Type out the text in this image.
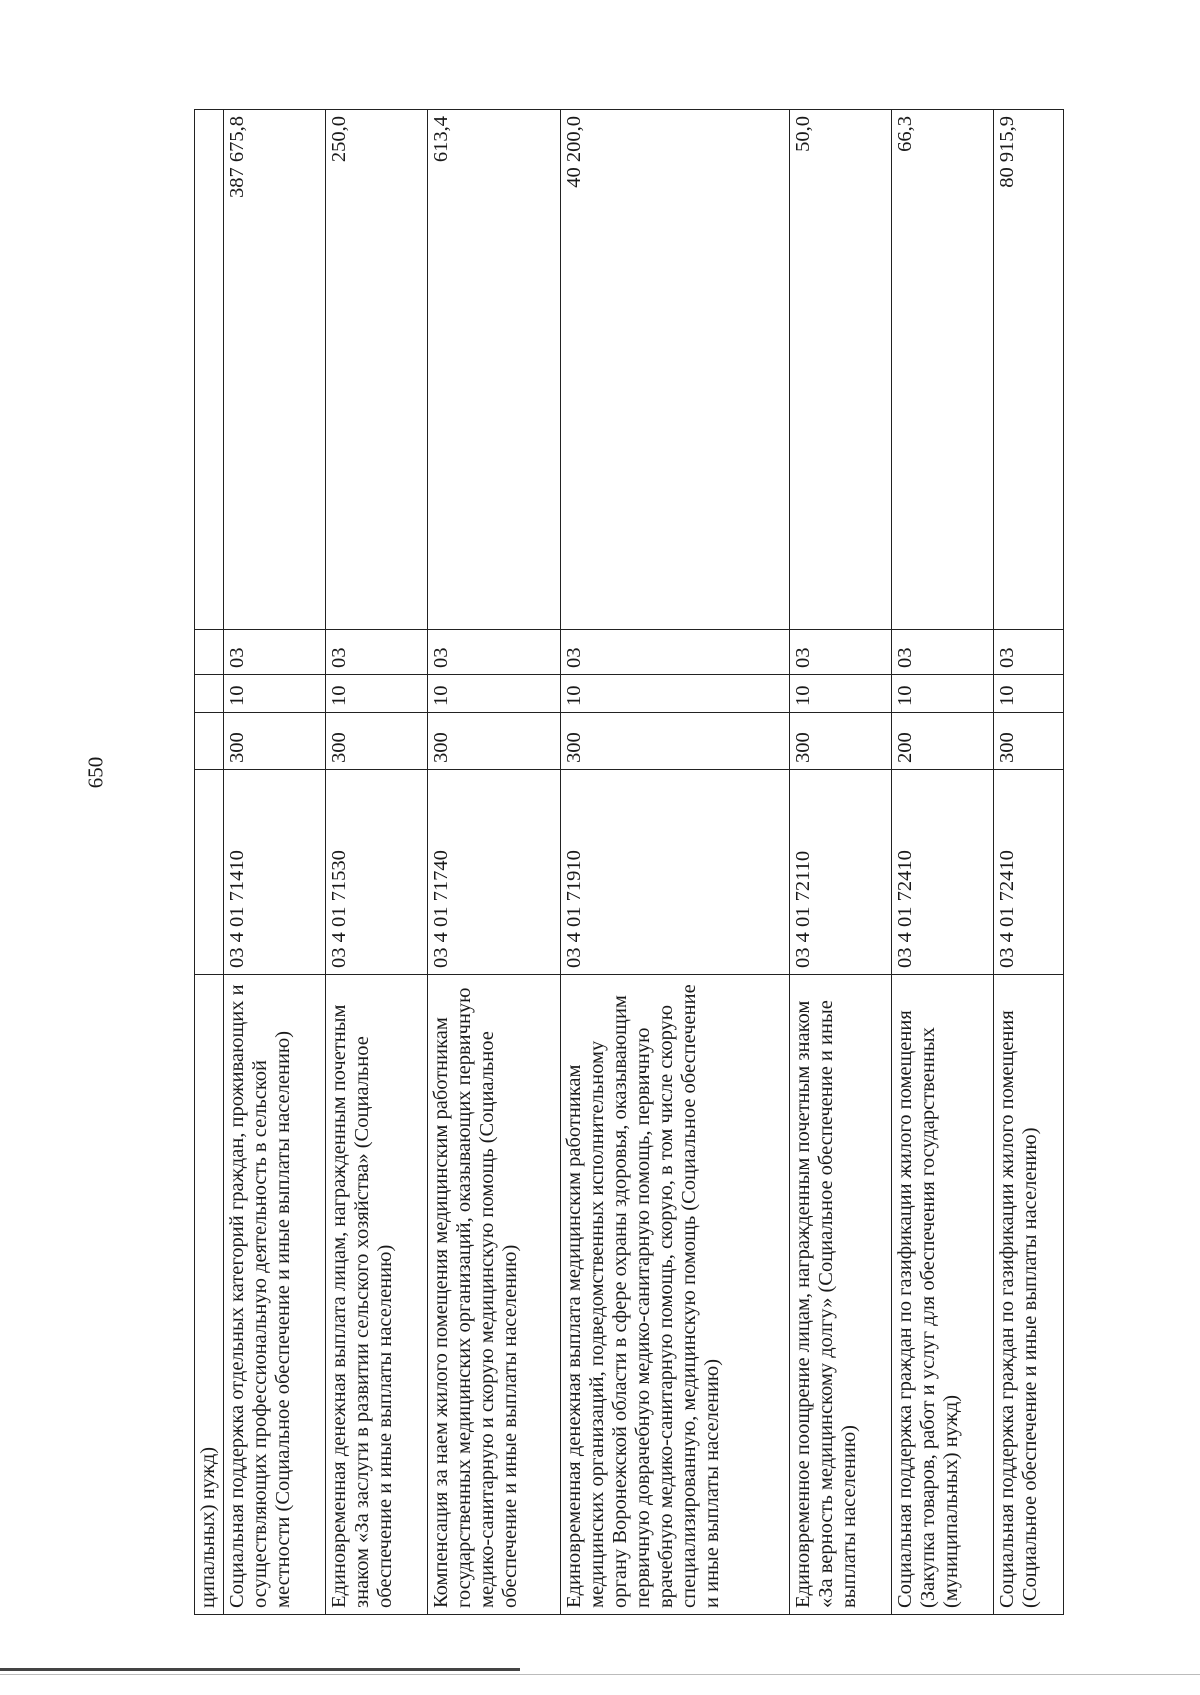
650
ципальных) нужд)					
Социальная поддержка отдельных категорий граждан, проживающих и осуществляющих профессиональную деятельность в сельской местности (Социальное обеспечение и иные выплаты населению)	03 4 01 71410	300	10	03	387 675,8
Единовременная денежная выплата лицам, награжденным почетным знаком «За заслуги в развитии сельского хозяйства» (Социальное обеспечение и иные выплаты населению)	03 4 01 71530	300	10	03	250,0
Компенсация за наем жилого помещения медицинским работникам государственных медицинских организаций, оказывающих первичную медико-санитарную и скорую медицинскую помощь (Социальное обеспечение и иные выплаты населению)	03 4 01 71740	300	10	03	613,4
Единовременная денежная выплата медицинским работникам медицинских организаций, подведомственных исполнительному органу Воронежской области в сфере охраны здоровья, оказывающим первичную доврачебную медико-санитарную помощь, первичную врачебную медико-санитарную помощь, скорую, в том числе скорую специализированную, медицинскую помощь (Социальное обеспечение и иные выплаты населению)	03 4 01 71910	300	10	03	40 200,0
Единовременное поощрение лицам, награжденным почетным знаком «За верность медицинскому долгу» (Социальное обеспечение и иные выплаты населению)	03 4 01 72110	300	10	03	50,0
Социальная поддержка граждан по газификации жилого помещения (Закупка товаров, работ и услуг для обеспечения государственных (муниципальных) нужд)	03 4 01 72410	200	10	03	66,3
Социальная поддержка граждан по газификации жилого помещения (Социальное обеспечение и иные выплаты населению)	03 4 01 72410	300	10	03	80 915,9
